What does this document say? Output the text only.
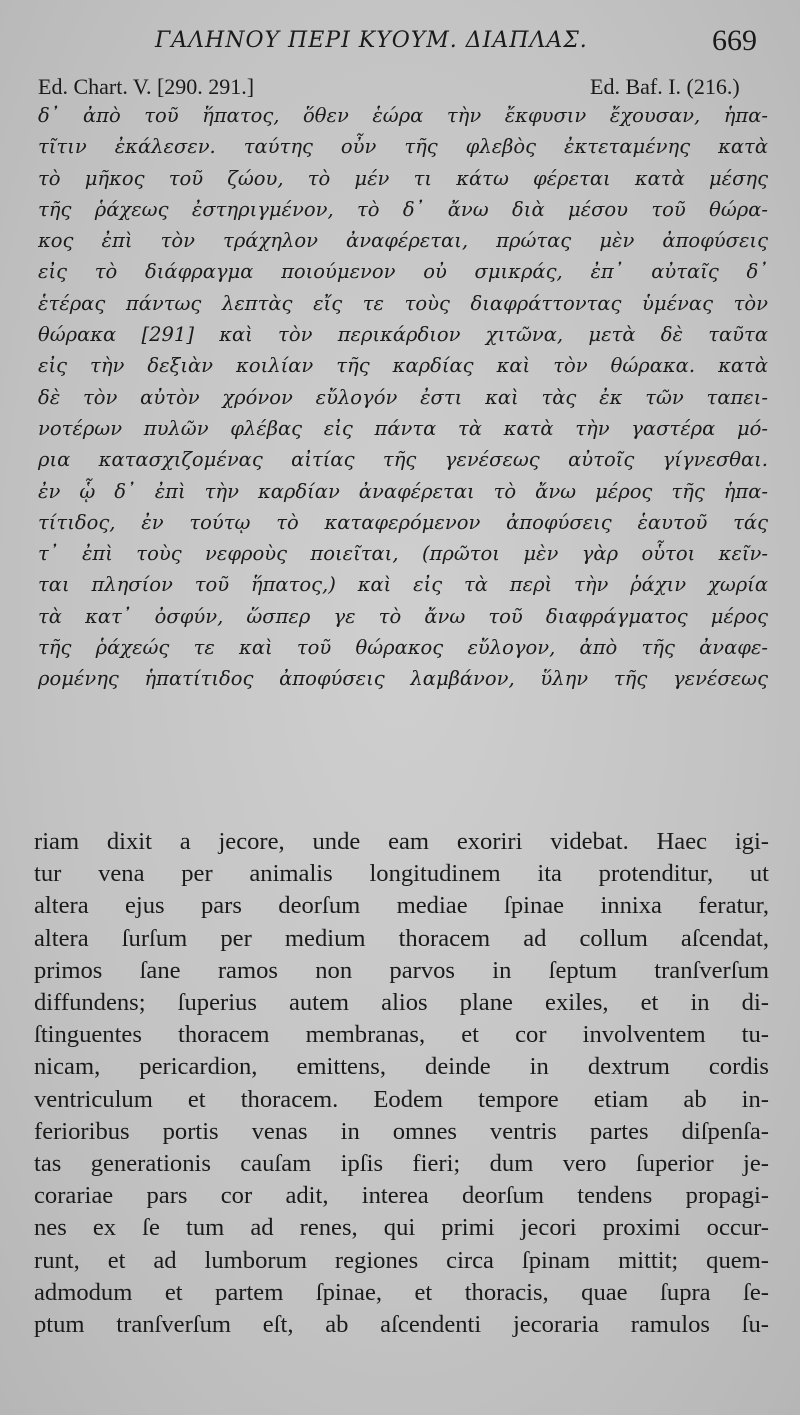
ΓΑΛΗΝΟΥ ΠΕΡΙ ΚΥΟΥΜ. ΔΙΑΠΛΑΣ.	669
Ed. Chart. V. [290. 291.]	Ed. Baf. I. (216.)
δ᾽ ἀπὸ τοῦ ἥπατος, ὅθεν ἑώρα τὴν ἔκφυσιν ἔχουσαν, ἡπα-
τῖτιν ἐκάλεσεν. ταύτης οὖν τῆς φλεβὸς ἐκτεταμένης κατὰ
τὸ μῆκος τοῦ ζώου, τὸ μέν τι κάτω φέρεται κατὰ μέσης
τῆς ῥάχεως ἐστηριγμένον, τὸ δ᾽ ἄνω διὰ μέσου τοῦ θώρα-
κος ἐπὶ τὸν τράχηλον ἀναφέρεται, πρώτας μὲν ἀποφύσεις
εἰς τὸ διάφραγμα ποιούμενον οὐ σμικράς, ἐπ᾽ αὐταῖς δ᾽
ἑτέρας πάντως λεπτὰς εἴς τε τοὺς διαφράττοντας ὑμένας τὸν
θώρακα [291] καὶ τὸν περικάρδιον χιτῶνα, μετὰ δὲ ταῦτα
εἰς τὴν δεξιὰν κοιλίαν τῆς καρδίας καὶ τὸν θώρακα. κατὰ
δὲ τὸν αὐτὸν χρόνον εὔλογόν ἐστι καὶ τὰς ἐκ τῶν ταπει-
νοτέρων πυλῶν φλέβας εἰς πάντα τὰ κατὰ τὴν γαστέρα μό-
ρια κατασχιζομένας αἰτίας τῆς γενέσεως αὐτοῖς γίγνεσθαι.
ἐν ᾧ δ᾽ ἐπὶ τὴν καρδίαν ἀναφέρεται τὸ ἄνω μέρος τῆς ἡπα-
τίτιδος, ἐν τούτῳ τὸ καταφερόμενον ἀποφύσεις ἑαυτοῦ τάς
τ᾽ ἐπὶ τοὺς νεφροὺς ποιεῖται, (πρῶτοι μὲν γὰρ οὗτοι κεῖν-
ται πλησίον τοῦ ἥπατος,) καὶ εἰς τὰ περὶ τὴν ῥάχιν χωρία
τὰ κατ᾽ ὀσφύν, ὥσπερ γε τὸ ἄνω τοῦ διαφράγματος μέρος
τῆς ῥάχεώς τε καὶ τοῦ θώρακος εὔλογον, ἀπὸ τῆς ἀναφε-
ρομένης ἡπατίτιδος ἀποφύσεις λαμβάνον, ὕλην τῆς γενέσεως
riam dixit a jecore, unde eam exoriri videbat. Haec igi-
tur vena per animalis longitudinem ita protenditur, ut
altera ejus pars deorſum mediae ſpinae innixa feratur,
altera ſurſum per medium thoracem ad collum aſcendat,
primos ſane ramos non parvos in ſeptum tranſverſum
diffundens; ſuperius autem alios plane exiles, et in di-
ſtinguentes thoracem membranas, et cor involventem tu-
nicam, pericardion, emittens, deinde in dextrum cordis
ventriculum et thoracem. Eodem tempore etiam ab in-
ferioribus portis venas in omnes ventris partes diſpenſa-
tas generationis cauſam ipſis fieri; dum vero ſuperior je-
corariae pars cor adit, interea deorſum tendens propagi-
nes ex ſe tum ad renes, qui primi jecori proximi occur-
runt, et ad lumborum regiones circa ſpinam mittit; quem-
admodum et partem ſpinae, et thoracis, quae ſupra ſe-
ptum tranſverſum eſt, ab aſcendenti jecoraria ramulos ſu-
